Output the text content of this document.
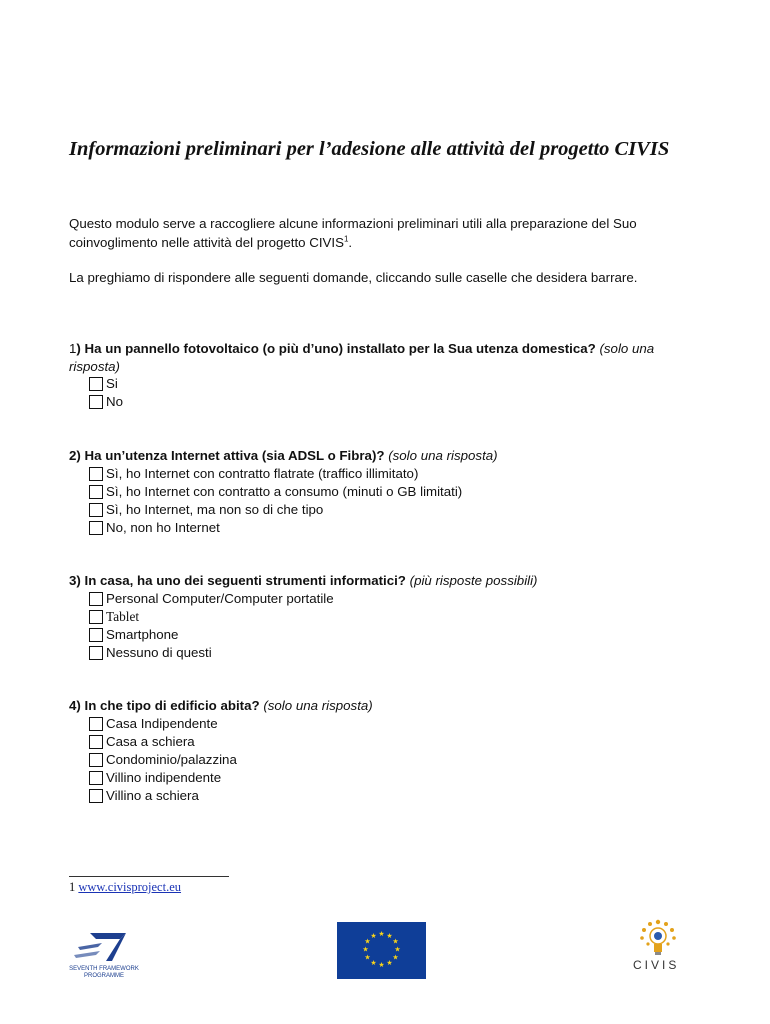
Informazioni preliminari per l’adesione alle attività del progetto CIVIS
Questo modulo serve a raccogliere alcune informazioni preliminari utili alla preparazione del Suo
coinvoglimento nelle attività del progetto CIVIS$^1$.
La preghiamo di rispondere alle seguenti domande, cliccando sulle caselle che desidera barrare.
1) Ha un pannello fotovoltaico (o più d’uno) installato per la Sua utenza domestica? (solo una risposta)
Si
No
2) Ha un’utenza Internet attiva (sia ADSL o Fibra)? (solo una risposta)
Sì, ho Internet con contratto flatrate (traffico illimitato)
Sì, ho Internet con contratto a consumo (minuti o GB limitati)
Sì, ho Internet, ma non so di che tipo
No, non ho Internet
3) In casa, ha uno dei seguenti strumenti informatici? (più risposte possibili)
Personal Computer/Computer portatile
Tablet
Smartphone
Nessuno di questi
4) In che tipo di edificio abita? (solo una risposta)
Casa Indipendente
Casa a schiera
Condominio/palazzina
Villino indipendente
Villino a schiera
1 www.civisproject.eu
SEVENTH FRAMEWORK
PROGRAMME
★ ★
★
★
★
★
★
★
★
★
★
★
CIVIS
